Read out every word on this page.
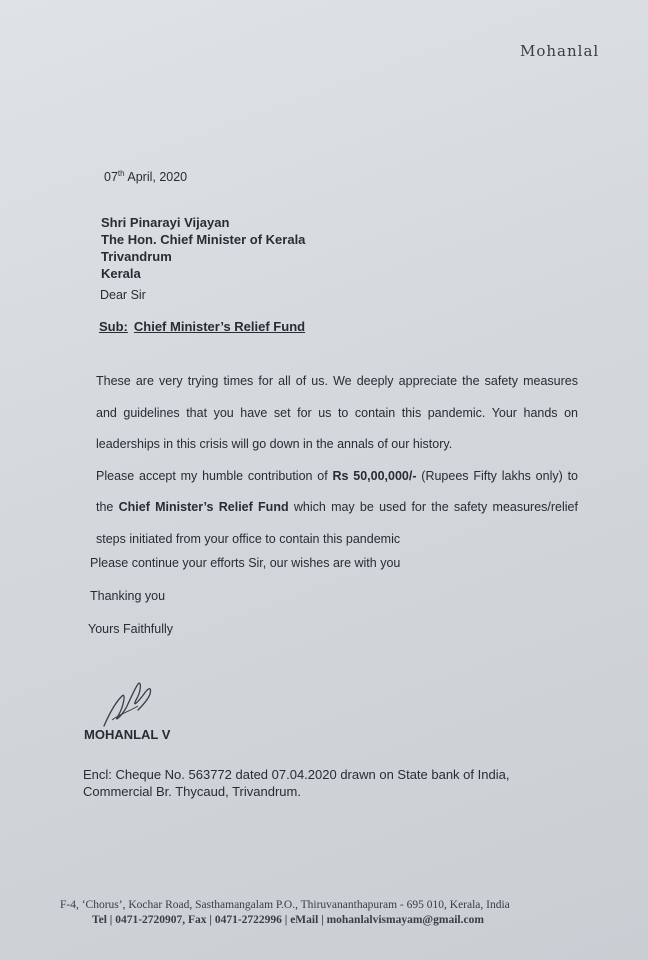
Mohanlal
07th April, 2020
Shri Pinarayi Vijayan
The Hon. Chief Minister of Kerala
Trivandrum
Kerala
Dear Sir
Sub: Chief Minister’s Relief Fund

These are very trying times for all of us. We deeply appreciate the safety measures and guidelines that you have set for us to contain this pandemic. Your hands on leaderships in this crisis will go down in the annals of our history.

Please accept my humble contribution of Rs 50,00,000/- (Rupees Fifty lakhs only) to the Chief Minister’s Relief Fund which may be used for the safety measures/relief steps initiated from your office to contain this pandemic

Please continue your efforts Sir, our wishes are with you
Thanking you
Yours Faithfully
MOHANLAL V
Encl: Cheque No. 563772 dated 07.04.2020 drawn on State bank of India,
Commercial Br. Thycaud, Trivandrum.
F-4, ‘Chorus’, Kochar Road, Sasthamangalam P.O., Thiruvananthapuram - 695 010, Kerala, India
Tel | 0471-2720907, Fax | 0471-2722996 | eMail | mohanlalvismayam@gmail.com
